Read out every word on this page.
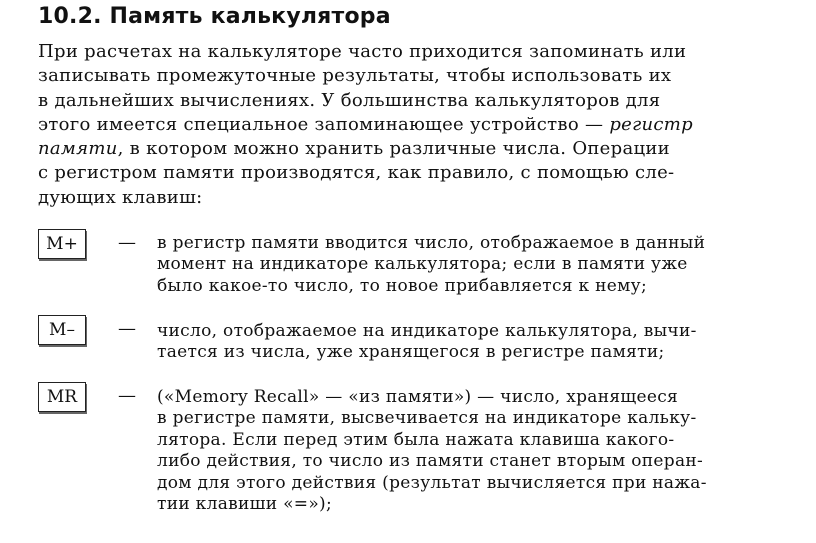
10.2. Память калькулятора
При расчетах на калькуляторе часто приходится запоминать или
записывать промежуточные результаты, чтобы использовать их
в дальнейших вычислениях. У большинства калькуляторов для
этого имеется специальное запоминающее устройство — регистр
памяти, в котором можно хранить различные числа. Операции
с регистром памяти производятся, как правило, с помощью сле-
дующих клавиш:
M+	— в регистр памяти вводится число, отображаемое в данный
момент на индикаторе калькулятора; если в памяти уже
было какое-то число, то новое прибавляется к нему;
M–	— число, отображаемое на индикаторе калькулятора, вычи-
тается из числа, уже хранящегося в регистре памяти;
MR	— («Memory Recall» — «из памяти») — число, хранящееся
в регистре памяти, высвечивается на индикаторе кальку-
лятора. Если перед этим была нажата клавиша какого-
либо действия, то число из памяти станет вторым операн-
дом для этого действия (результат вычисляется при нажа-
тии клавиши «=»);
